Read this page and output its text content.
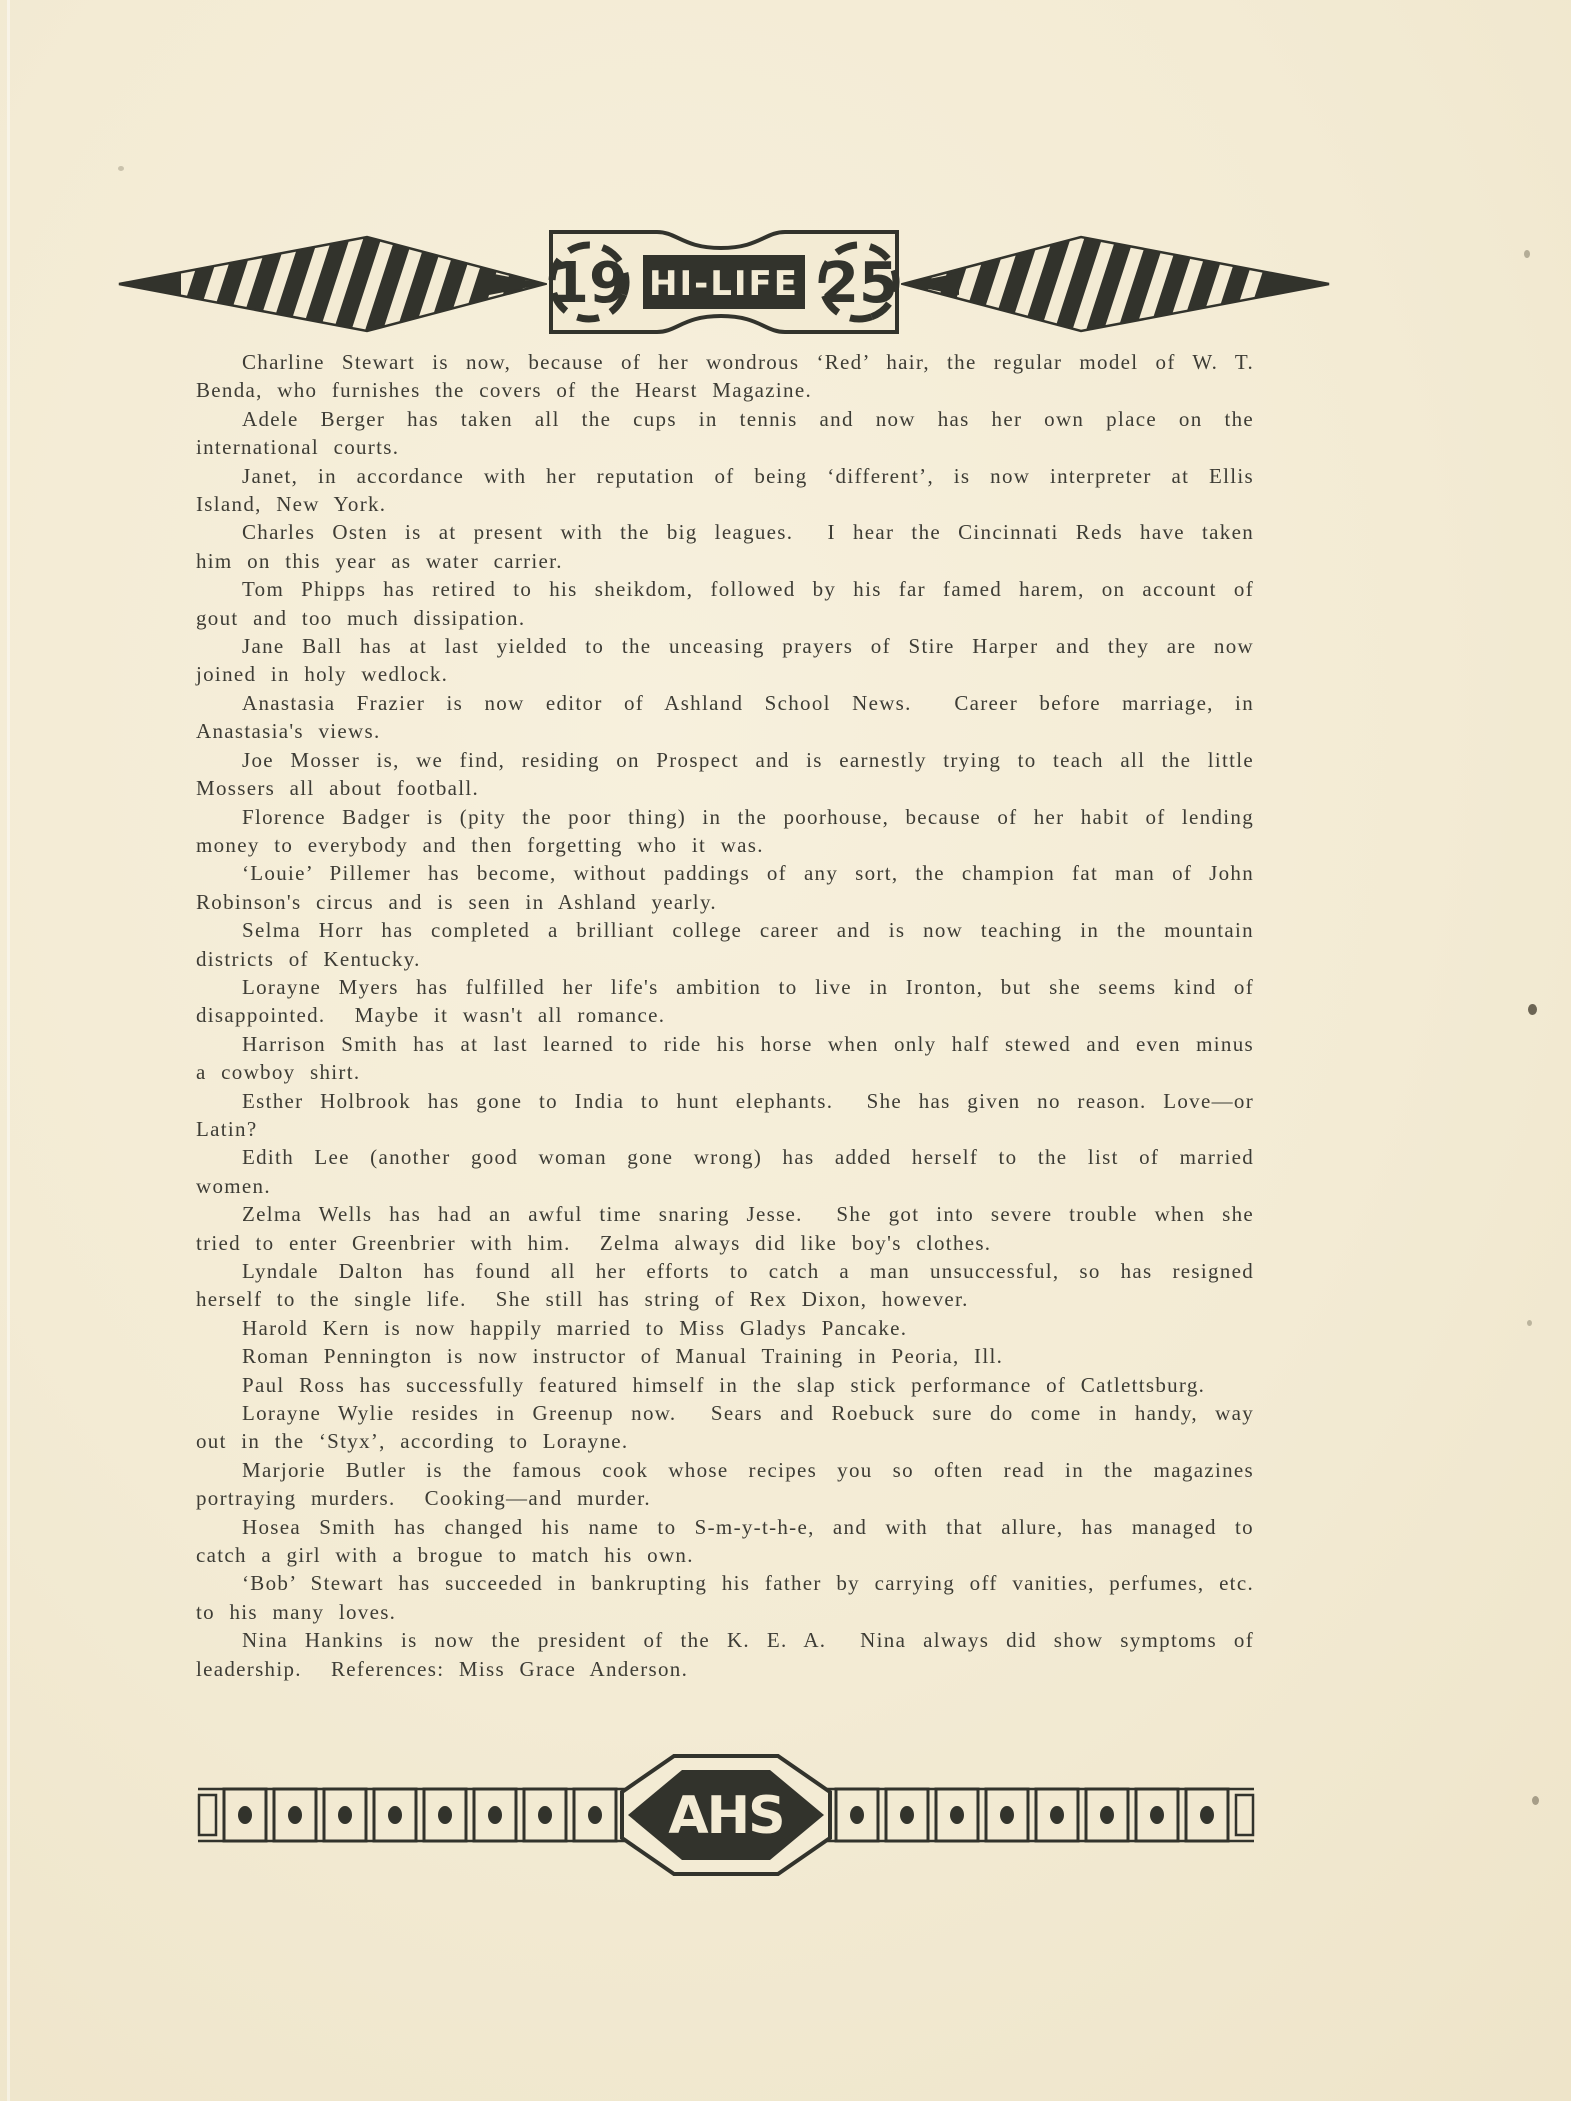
19 HI-LIFE 25

Charline Stewart is now, because of her wondrous ‘Red’ hair, the regular model of W. T. Benda, who furnishes the covers of the Hearst Magazine.

Adele Berger has taken all the cups in tennis and now has her own place on the international courts.

Janet, in accordance with her reputation of being ‘different’, is now interpreter at Ellis Island, New York.

Charles Osten is at present with the big leagues.  I hear the Cincinnati Reds have taken him on this year as water carrier.

Tom Phipps has retired to his sheikdom, followed by his far famed harem, on account of gout and too much dissipation.

Jane Ball has at last yielded to the unceasing prayers of Stire Harper and they are now joined in holy wedlock.

Anastasia Frazier is now editor of Ashland School News.  Career before marriage, in Anastasia's views.

Joe Mosser is, we find, residing on Prospect and is earnestly trying to teach all the little Mossers all about football.

Florence Badger is (pity the poor thing) in the poorhouse, because of her habit of lending money to everybody and then forgetting who it was.

‘Louie’ Pillemer has become, without paddings of any sort, the champion fat man of John Robinson's circus and is seen in Ashland yearly.

Selma Horr has completed a brilliant college career and is now teaching in the mountain districts of Kentucky.

Lorayne Myers has fulfilled her life's ambition to live in Ironton, but she seems kind of disappointed.  Maybe it wasn't all romance.

Harrison Smith has at last learned to ride his horse when only half stewed and even minus a cowboy shirt.

Esther Holbrook has gone to India to hunt elephants.  She has given no reason. Love—or Latin?

Edith Lee (another good woman gone wrong) has added herself to the list of married women.

Zelma Wells has had an awful time snaring Jesse.  She got into severe trouble when she tried to enter Greenbrier with him.  Zelma always did like boy's clothes.

Lyndale Dalton has found all her efforts to catch a man unsuccessful, so has resigned herself to the single life.  She still has string of Rex Dixon, however.

Harold Kern is now happily married to Miss Gladys Pancake.

Roman Pennington is now instructor of Manual Training in Peoria, Ill.

Paul Ross has successfully featured himself in the slap stick performance of Catlettsburg.

Lorayne Wylie resides in Greenup now.  Sears and Roebuck sure do come in handy, way out in the ‘Styx’, according to Lorayne.

Marjorie Butler is the famous cook whose recipes you so often read in the magazines portraying murders.  Cooking—and murder.

Hosea Smith has changed his name to S-m-y-t-h-e, and with that allure, has managed to catch a girl with a brogue to match his own.

‘Bob’ Stewart has succeeded in bankrupting his father by carrying off vanities, perfumes, etc. to his many loves.

Nina Hankins is now the president of the K. E. A.  Nina always did show symptoms of leadership.  References: Miss Grace Anderson.

AHS
